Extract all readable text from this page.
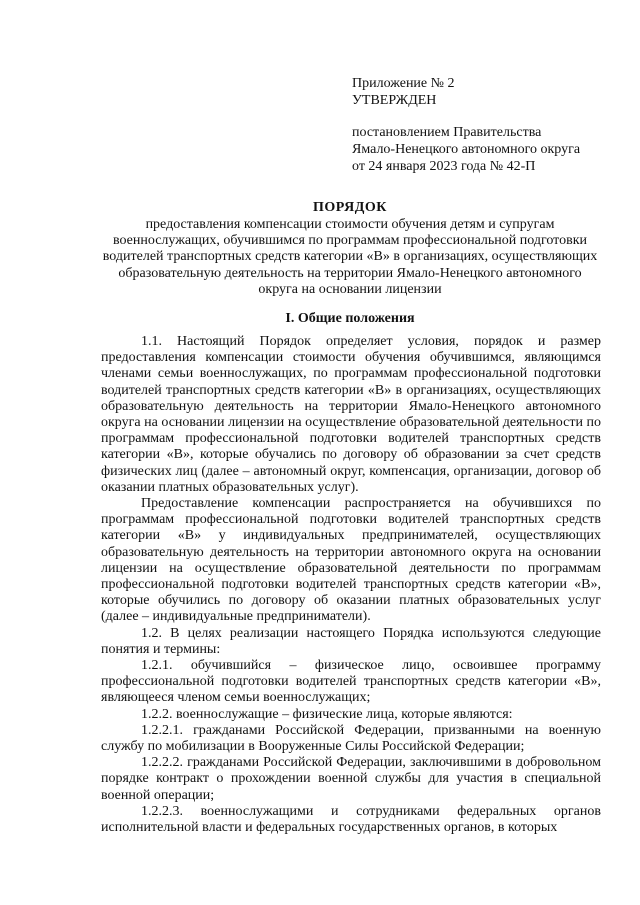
Приложение № 2
УТВЕРЖДЕН
постановлением Правительства
Ямало-Ненецкого автономного округа
от 24 января 2023 года № 42-П
ПОРЯДОК
предоставления компенсации стоимости обучения детям и супругам военнослужащих, обучившимся по программам профессиональной подготовки водителей транспортных средств категории «В» в организациях, осуществляющих образовательную деятельность на территории Ямало-Ненецкого автономного округа на основании лицензии
I. Общие положения

1.1. Настоящий Порядок определяет условия, порядок и размер предоставления компенсации стоимости обучения обучившимся, являющимся членами семьи военнослужащих, по программам профессиональной подготовки водителей транспортных средств категории «В» в организациях, осуществляющих образовательную деятельность на территории Ямало-Ненецкого автономного округа на основании лицензии на осуществление образовательной деятельности по программам профессиональной подготовки водителей транспортных средств категории «В», которые обучались по договору об образовании за счет средств физических лиц (далее – автономный округ, компенсация, организации, договор об оказании платных образовательных услуг).

Предоставление компенсации распространяется на обучившихся по программам профессиональной подготовки водителей транспортных средств категории «В» у индивидуальных предпринимателей, осуществляющих образовательную деятельность на территории автономного округа на основании лицензии на осуществление образовательной деятельности по программам профессиональной подготовки водителей транспортных средств категории «В», которые обучились по договору об оказании платных образовательных услуг (далее – индивидуальные предприниматели).

1.2. В целях реализации настоящего Порядка используются следующие понятия и термины:

1.2.1. обучившийся – физическое лицо, освоившее программу профессиональной подготовки водителей транспортных средств категории «В», являющееся членом семьи военнослужащих;

1.2.2. военнослужащие – физические лица, которые являются:

1.2.2.1. гражданами Российской Федерации, призванными на военную службу по мобилизации в Вооруженные Силы Российской Федерации;

1.2.2.2. гражданами Российской Федерации, заключившими в добровольном порядке контракт о прохождении военной службы для участия в специальной военной операции;

1.2.2.3. военнослужащими и сотрудниками федеральных органов исполнительной власти и федеральных государственных органов, в которых
